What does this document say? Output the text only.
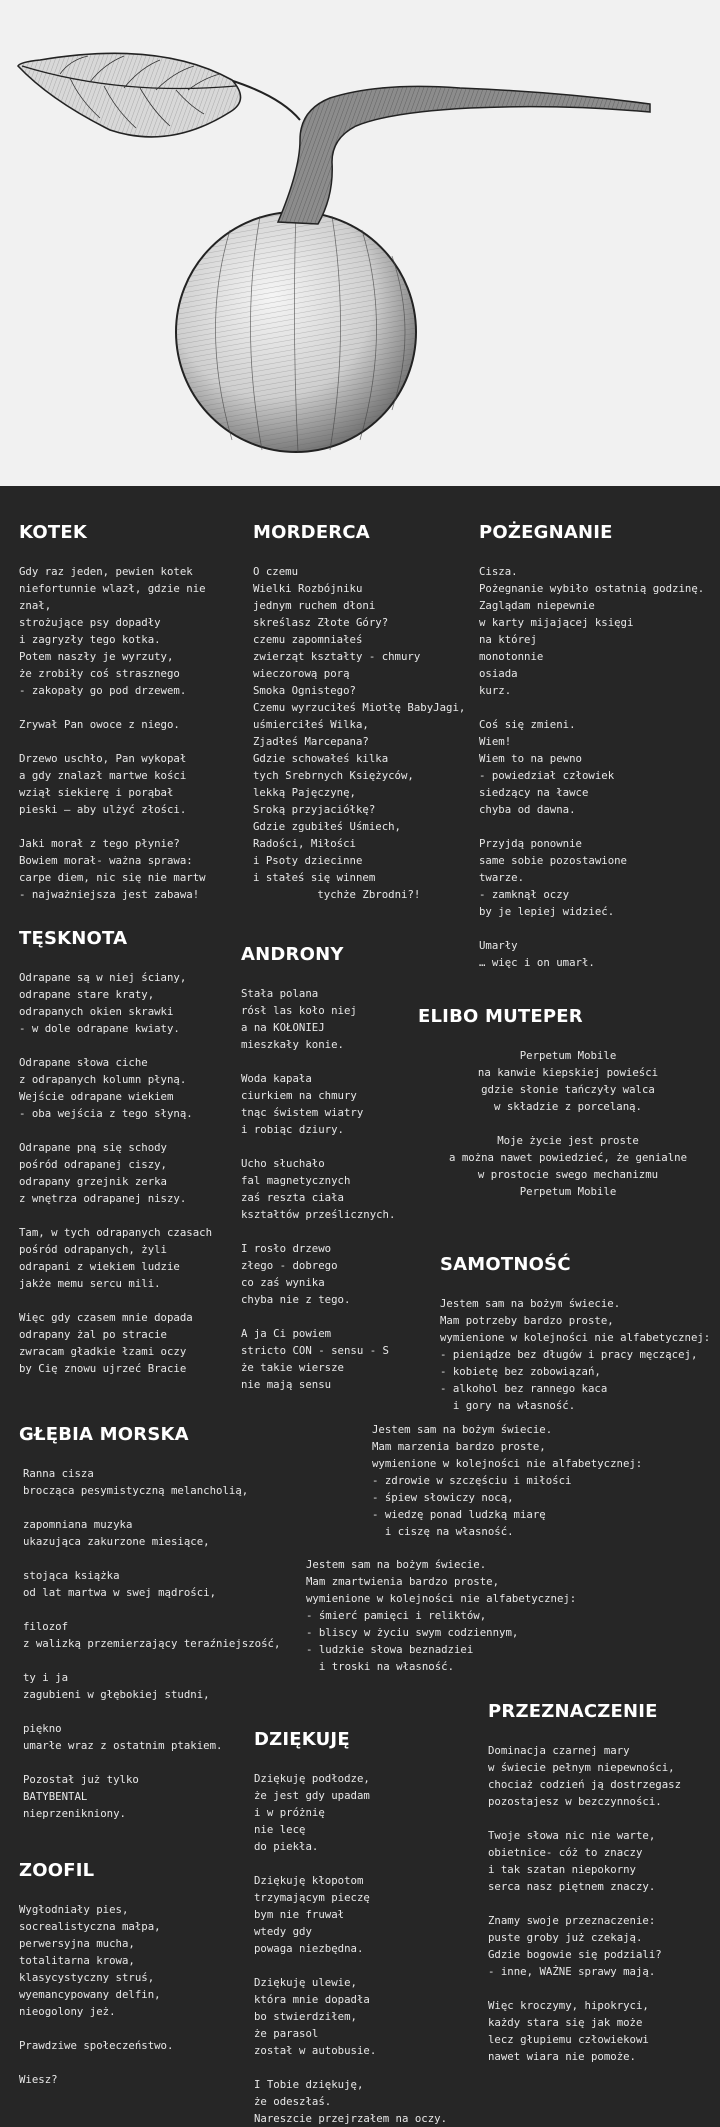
KOTEK
Gdy raz jeden, pewien kotek
niefortunnie wlazł, gdzie nie znał,
strożujące psy dopadły
i zagryzły tego kotka.
Potem naszły je wyrzuty,
że zrobiły coś strasznego
- zakopały go pod drzewem.

Zrywał Pan owoce z niego.

Drzewo uschło, Pan wykopał
a gdy znalazł martwe kości
wziął siekierę i porąbał
pieski – aby ulżyć złości.

Jaki morał z tego płynie?
Bowiem morał- ważna sprawa:
carpe diem, nic się nie martw
- najważniejsza jest zabawa!
MORDERCA
O czemu
Wielki Rozbójniku
jednym ruchem dłoni
skreślasz Złote Góry?
czemu zapomniałeś
zwierząt kształty - chmury
wieczorową porą
Smoka Ognistego?
Czemu wyrzuciłeś Miotłę BabyJagi,
uśmierciłeś Wilka,
Zjadłeś Marcepana?
Gdzie schowałeś kilka
tych Srebrnych Księżyców,
lekką Pajęczynę,
Sroką przyjaciółkę?
Gdzie zgubiłeś Uśmiech,
Radości, Miłości
i Psoty dziecinne
i stałeś się winnem
tychże Zbrodni?!
POŻEGNANIE
Cisza.
Pożegnanie wybiło ostatnią godzinę.
Zaglądam niepewnie
w karty mijającej księgi
na której
monotonnie
osiada
kurz.

Coś się zmieni.
Wiem!
Wiem to na pewno
- powiedział człowiek
siedzący na ławce
chyba od dawna.

Przyjdą ponownie
same sobie pozostawione
twarze.
- zamknął oczy
by je lepiej widzieć.

Umarły
… więc i on umarł.
TĘSKNOTA
Odrapane są w niej ściany,
odrapane stare kraty,
odrapanych okien skrawki
- w dole odrapane kwiaty.

Odrapane słowa ciche
z odrapanych kolumn płyną.
Wejście odrapane wiekiem
- oba wejścia z tego słyną.

Odrapane pną się schody
pośród odrapanej ciszy,
odrapany grzejnik zerka
z wnętrza odrapanej niszy.

Tam, w tych odrapanych czasach
pośród odrapanych, żyli
odrapani z wiekiem ludzie
jakże memu sercu mili.

Więc gdy czasem mnie dopada
odrapany żal po stracie
zwracam gładkie łzami oczy
by Cię znowu ujrzeć Bracie
ANDRONY
Stała polana
rósł las koło niej
a na KOŁONIEJ
mieszkały konie.

Woda kapała
ciurkiem na chmury
tnąc świstem wiatry
i robiąc dziury.

Ucho słuchało
fal magnetycznych
zaś reszta ciała
kształtów prześlicznych.

I rosło drzewo
złego - dobrego
co zaś wynika
chyba nie z tego.

A ja Ci powiem
stricto CON - sensu - S
że takie wiersze
nie mają sensu
ELIBO MUTEPER
Perpetum Mobile
na kanwie kiepskiej powieści
gdzie słonie tańczyły walca
w składzie z porcelaną.

Moje życie jest proste
a można nawet powiedzieć, że genialne
w prostocie swego mechanizmu
Perpetum Mobile
SAMOTNOŚĆ
Jestem sam na bożym świecie.
Mam potrzeby bardzo proste,
wymienione w kolejności nie alfabetycznej:
- pieniądze bez długów i pracy męczącej,
- kobietę bez zobowiązań,
- alkohol bez rannego kaca
i gory na własność.
Jestem sam na bożym świecie.
Mam marzenia bardzo proste,
wymienione w kolejności nie alfabetycznej:
- zdrowie w szczęściu i miłości
- śpiew słowiczy nocą,
- wiedzę ponad ludzką miarę
i ciszę na własność.
Jestem sam na bożym świecie.
Mam zmartwienia bardzo proste,
wymienione w kolejności nie alfabetycznej:
- śmierć pamięci i reliktów,
- bliscy w życiu swym codziennym,
- ludzkie słowa beznadziei
i troski na własność.
GŁĘBIA MORSKA
Ranna cisza
brocząca pesymistyczną melancholią,

zapomniana muzyka
ukazująca zakurzone miesiące,

stojąca książka
od lat martwa w swej mądrości,

filozof
z walizką przemierzający teraźniejszość,

ty i ja
zagubieni w głębokiej studni,

piękno
umarłe wraz z ostatnim ptakiem.

Pozostał już tylko
BATYBENTAL
nieprzenikniony.
DZIĘKUJĘ
Dziękuję podłodze,
że jest gdy upadam
i w próżnię
nie lecę
do piekła.

Dziękuję kłopotom
trzymającym pieczę
bym nie fruwał
wtedy gdy
powaga niezbędna.

Dziękuję ulewie,
która mnie dopadła
bo stwierdziłem,
że parasol
został w autobusie.

I Tobie dziękuję,
że odeszłaś.
Nareszcie przejrzałem na oczy.
PRZEZNACZENIE
Dominacja czarnej mary
w świecie pełnym niepewności,
chociaż codzień ją dostrzegasz
pozostajesz w bezczynności.

Twoje słowa nic nie warte,
obietnice- cóż to znaczy
i tak szatan niepokorny
serca nasz piętnem znaczy.

Znamy swoje przeznaczenie:
puste groby już czekają.
Gdzie bogowie się podziali?
- inne, WAŻNE sprawy mają.

Więc kroczymy, hipokryci,
każdy stara się jak może
lecz głupiemu człowiekowi
nawet wiara nie pomoże.
ZOOFIL
Wygłodniały pies,
socrealistyczna małpa,
perwersyjna mucha,
totalitarna krowa,
klasycystyczny struś,
wyemancypowany delfin,
nieogolony jeż.

Prawdziwe społeczeństwo.

Wiesz?
